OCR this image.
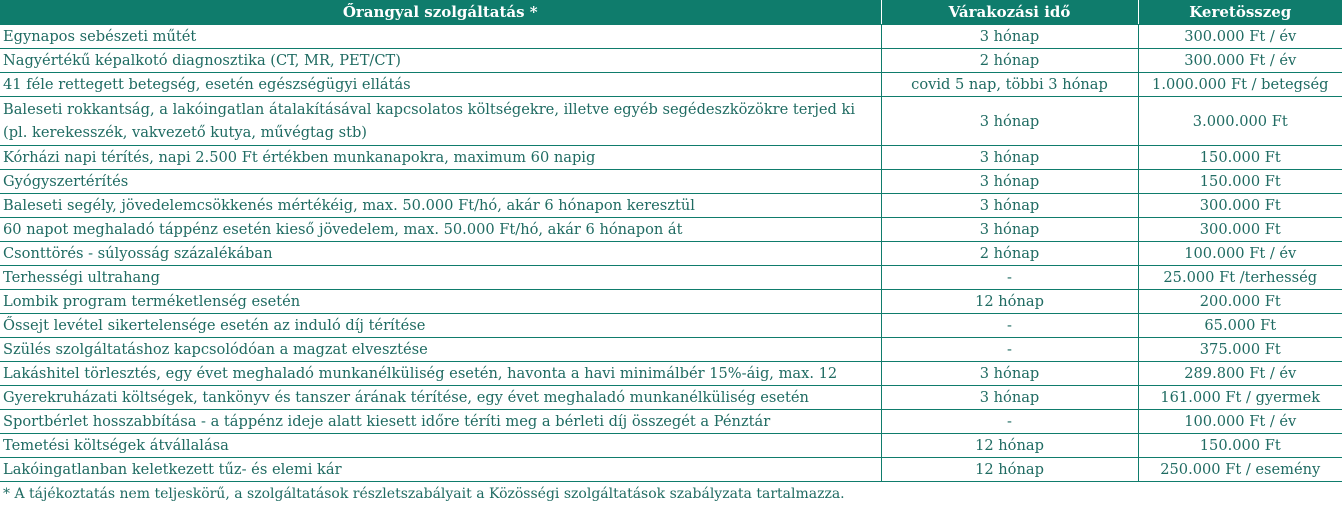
Őrangyal szolgáltatás *	Várakozási idő	Keretösszeg
Egynapos sebészeti műtét	3 hónap	300.000 Ft / év
Nagyértékű képalkotó diagnosztika (CT, MR, PET/CT)	2 hónap	300.000 Ft / év
41 féle rettegett betegség, esetén egészségügyi ellátás	covid 5 nap, többi 3 hónap	1.000.000 Ft / betegség
Baleseti rokkantság, a lakóingatlan átalakításával kapcsolatos költségekre, illetve egyéb segédeszközökre terjed ki (pl. kerekesszék, vakvezető kutya, művégtag stb)	3 hónap	3.000.000 Ft
Kórházi napi térítés, napi 2.500 Ft értékben munkanapokra, maximum 60 napig	3 hónap	150.000 Ft
Gyógyszertérítés	3 hónap	150.000 Ft
Baleseti segély, jövedelemcsökkenés mértékéig, max. 50.000 Ft/hó, akár 6 hónapon keresztül	3 hónap	300.000 Ft
60 napot meghaladó táppénz esetén kieső jövedelem, max. 50.000 Ft/hó, akár 6 hónapon át	3 hónap	300.000 Ft
Csonttörés - súlyosság százalékában	2 hónap	100.000 Ft / év
Terhességi ultrahang	-	25.000 Ft /terhesség
Lombik program terméketlenség esetén	12 hónap	200.000 Ft
Őssejt levétel sikertelensége esetén az induló díj térítése	-	65.000 Ft
Szülés szolgáltatáshoz kapcsolódóan a magzat elvesztése	-	375.000 Ft
Lakáshitel törlesztés, egy évet meghaladó munkanélküliség esetén, havonta a havi minimálbér 15%-áig, max. 12	3 hónap	289.800 Ft / év
Gyerekruházati költségek, tankönyv és tanszer árának térítése, egy évet meghaladó munkanélküliség esetén	3 hónap	161.000 Ft / gyermek
Sportbérlet hosszabbítása - a táppénz ideje alatt kiesett időre téríti meg a bérleti díj összegét a Pénztár	-	100.000 Ft / év
Temetési költségek átvállalása	12 hónap	150.000 Ft
Lakóingatlanban keletkezett tűz- és elemi kár	12 hónap	250.000 Ft / esemény
* A tájékoztatás nem teljeskörű, a szolgáltatások részletszabályait a Közösségi szolgáltatások szabályzata tartalmazza.
